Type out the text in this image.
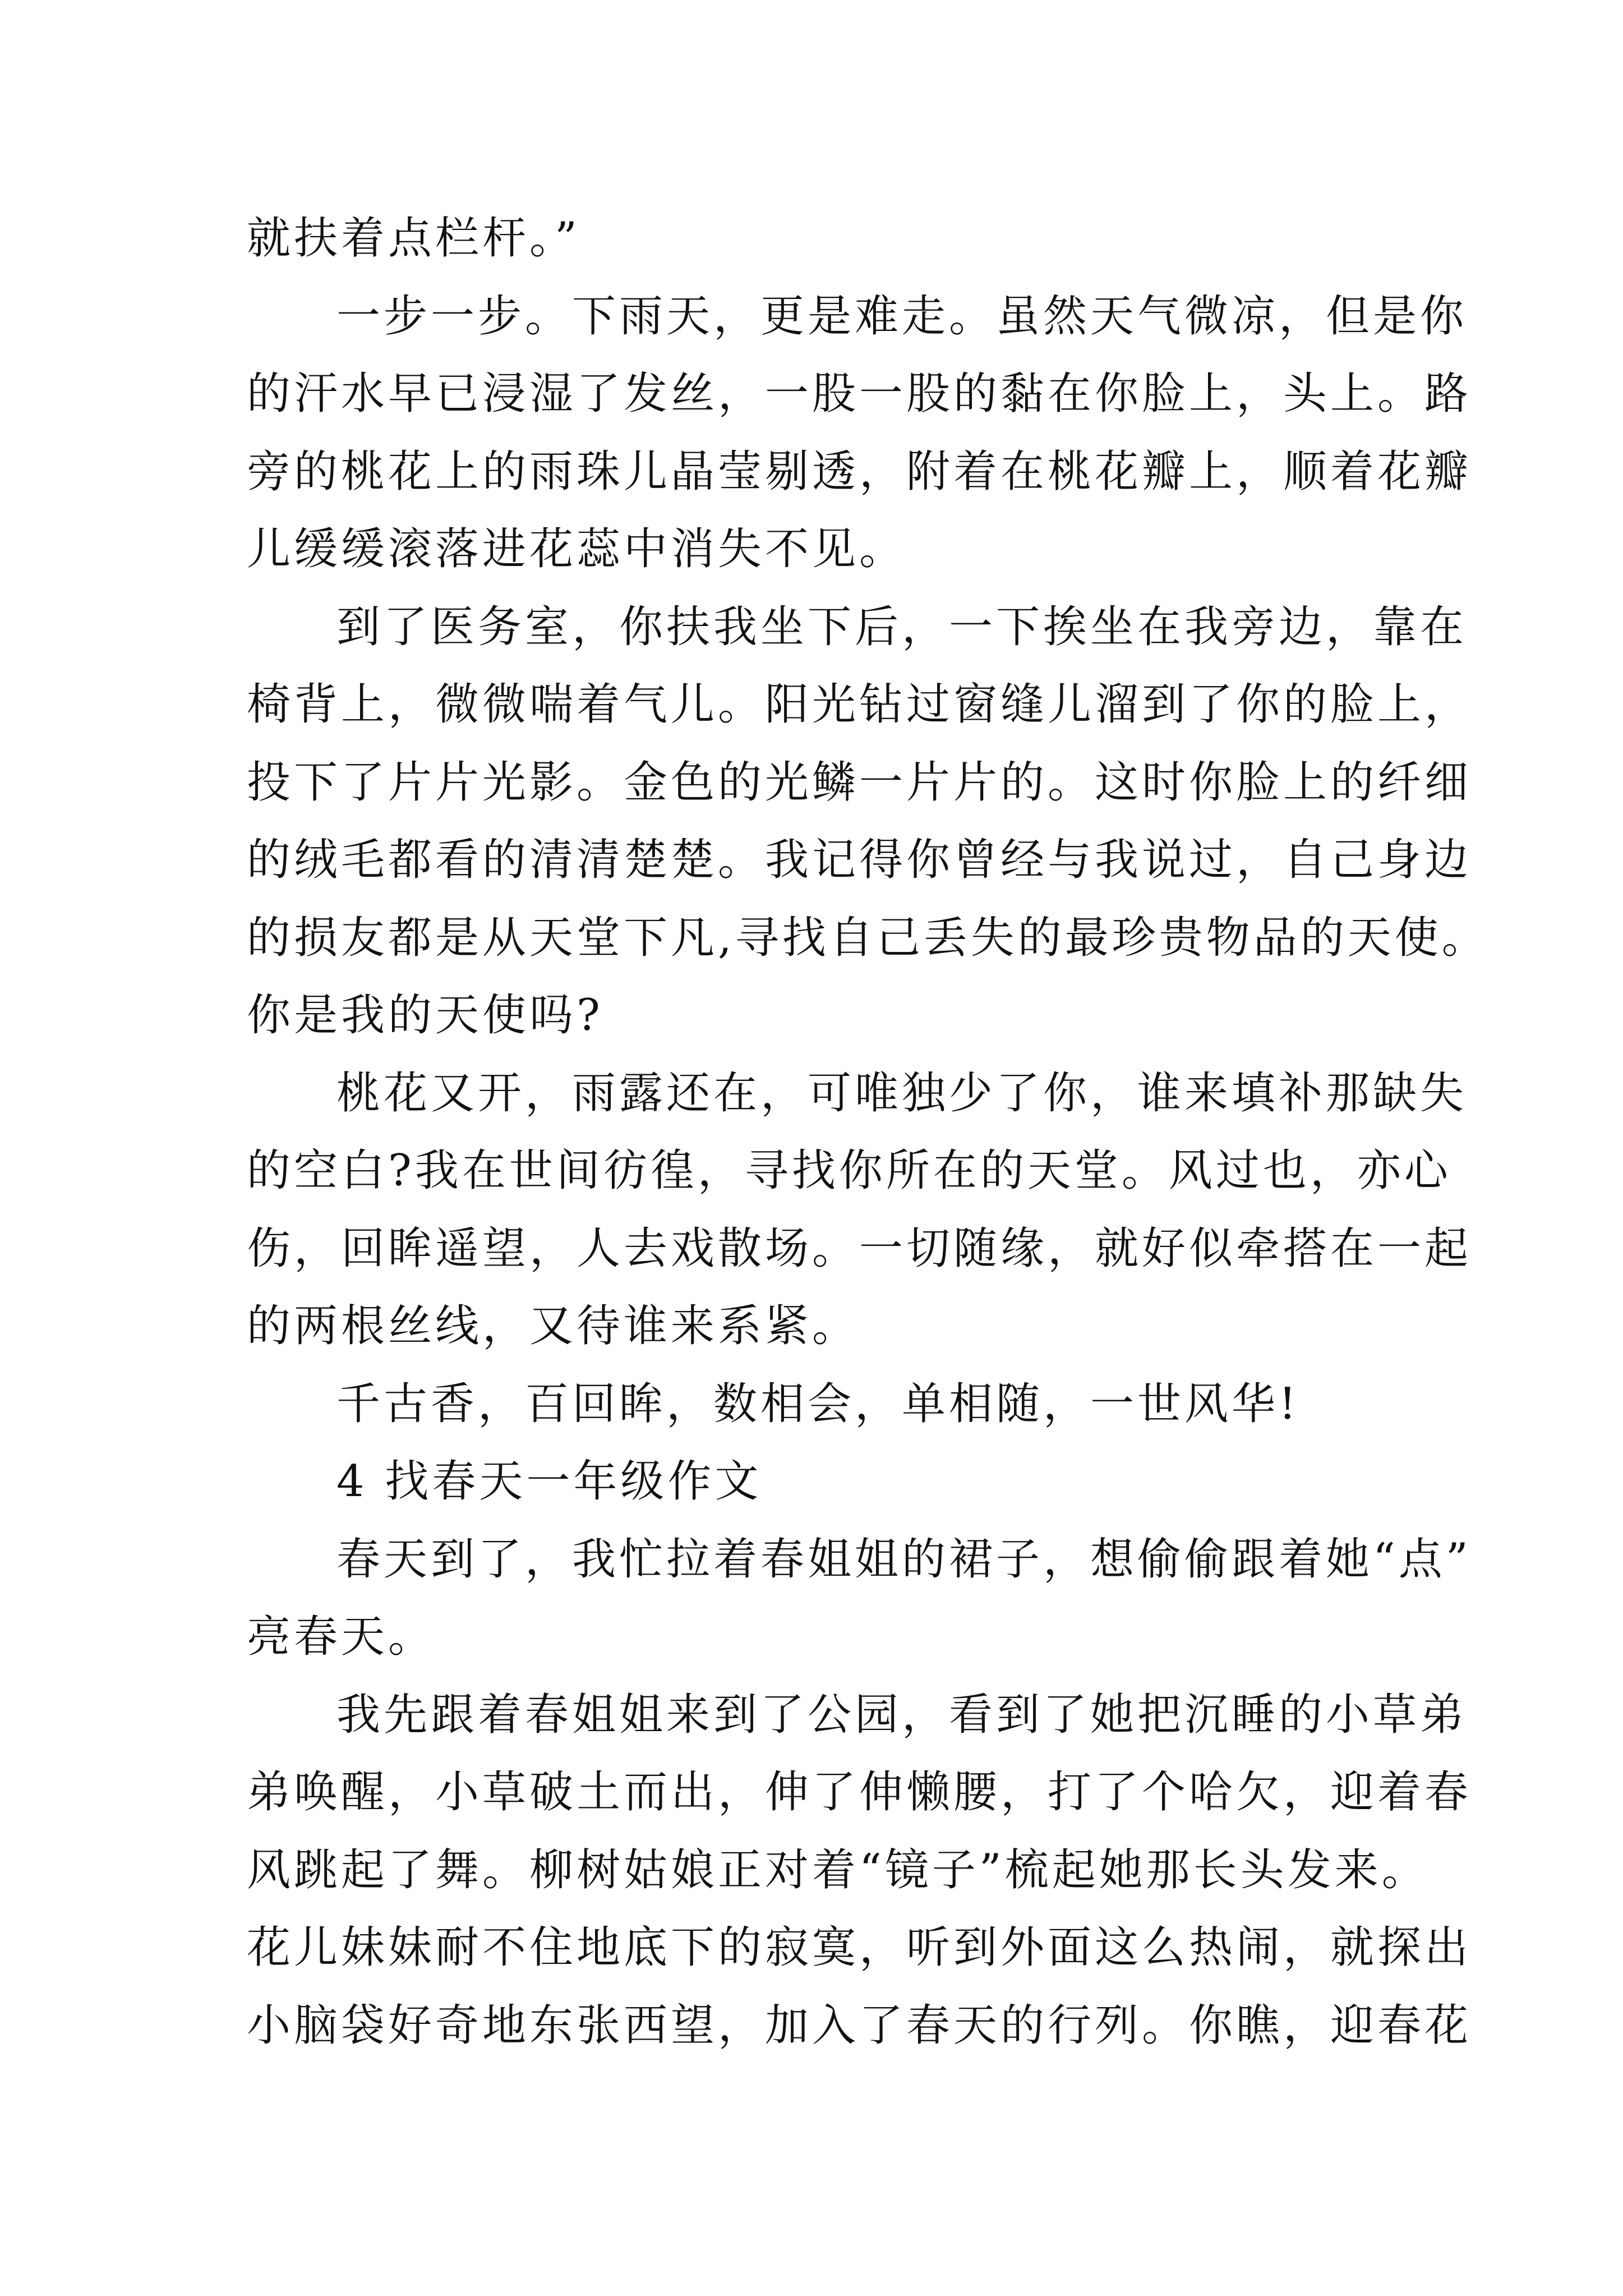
就扶着点栏杆。”
一步一步。下雨天，更是难走。虽然天气微凉，但是你
的汗水早已浸湿了发丝，一股一股的黏在你脸上，头上。路
旁的桃花上的雨珠儿晶莹剔透，附着在桃花瓣上，顺着花瓣
儿缓缓滚落进花蕊中消失不见。
到了医务室，你扶我坐下后，一下挨坐在我旁边，靠在
椅背上，微微喘着气儿。阳光钻过窗缝儿溜到了你的脸上，
投下了片片光影。金色的光鳞一片片的。这时你脸上的纤细
的绒毛都看的清清楚楚。我记得你曾经与我说过，自己身边
的损友都是从天堂下凡,寻找自己丢失的最珍贵物品的天使。
你是我的天使吗?
桃花又开，雨露还在，可唯独少了你，谁来填补那缺失
的空白?我在世间彷徨，寻找你所在的天堂。风过也，亦心
伤，回眸遥望，人去戏散场。一切随缘，就好似牵搭在一起
的两根丝线，又待谁来系紧。
千古香，百回眸，数相会，单相随，一世风华!
4 找春天一年级作文
春天到了，我忙拉着春姐姐的裙子，想偷偷跟着她“点”
亮春天。
我先跟着春姐姐来到了公园，看到了她把沉睡的小草弟
弟唤醒，小草破土而出，伸了伸懒腰，打了个哈欠，迎着春
风跳起了舞。柳树姑娘正对着“镜子”梳起她那长头发来。
花儿妹妹耐不住地底下的寂寞，听到外面这么热闹，就探出
小脑袋好奇地东张西望，加入了春天的行列。你瞧，迎春花
